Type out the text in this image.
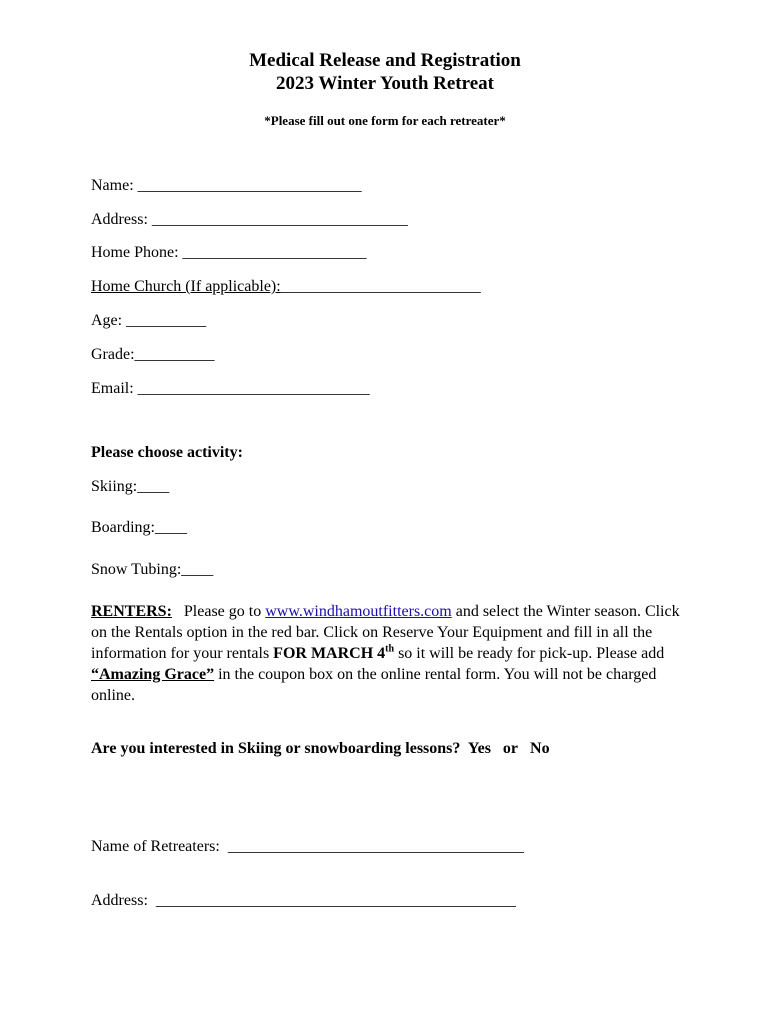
Medical Release and Registration
2023 Winter Youth Retreat
*Please fill out one form for each retreater*
Name: ____________________________
Address: ________________________________
Home Phone: _______________________
Home Church (If applicable):_________________________
Age: __________
Grade:__________
Email: _____________________________
Please choose activity:
Skiing:____
Boarding:____
Snow Tubing:____
RENTERS: Please go to www.windhamoutfitters.com and select the Winter season. Click on the Rentals option in the red bar. Click on Reserve Your Equipment and fill in all the information for your rentals FOR MARCH 4th so it will be ready for pick-up. Please add “Amazing Grace” in the coupon box on the online rental form. You will not be charged online.
Are you interested in Skiing or snowboarding lessons? Yes or No
Name of Retreaters: _____________________________________
Address: _____________________________________________
